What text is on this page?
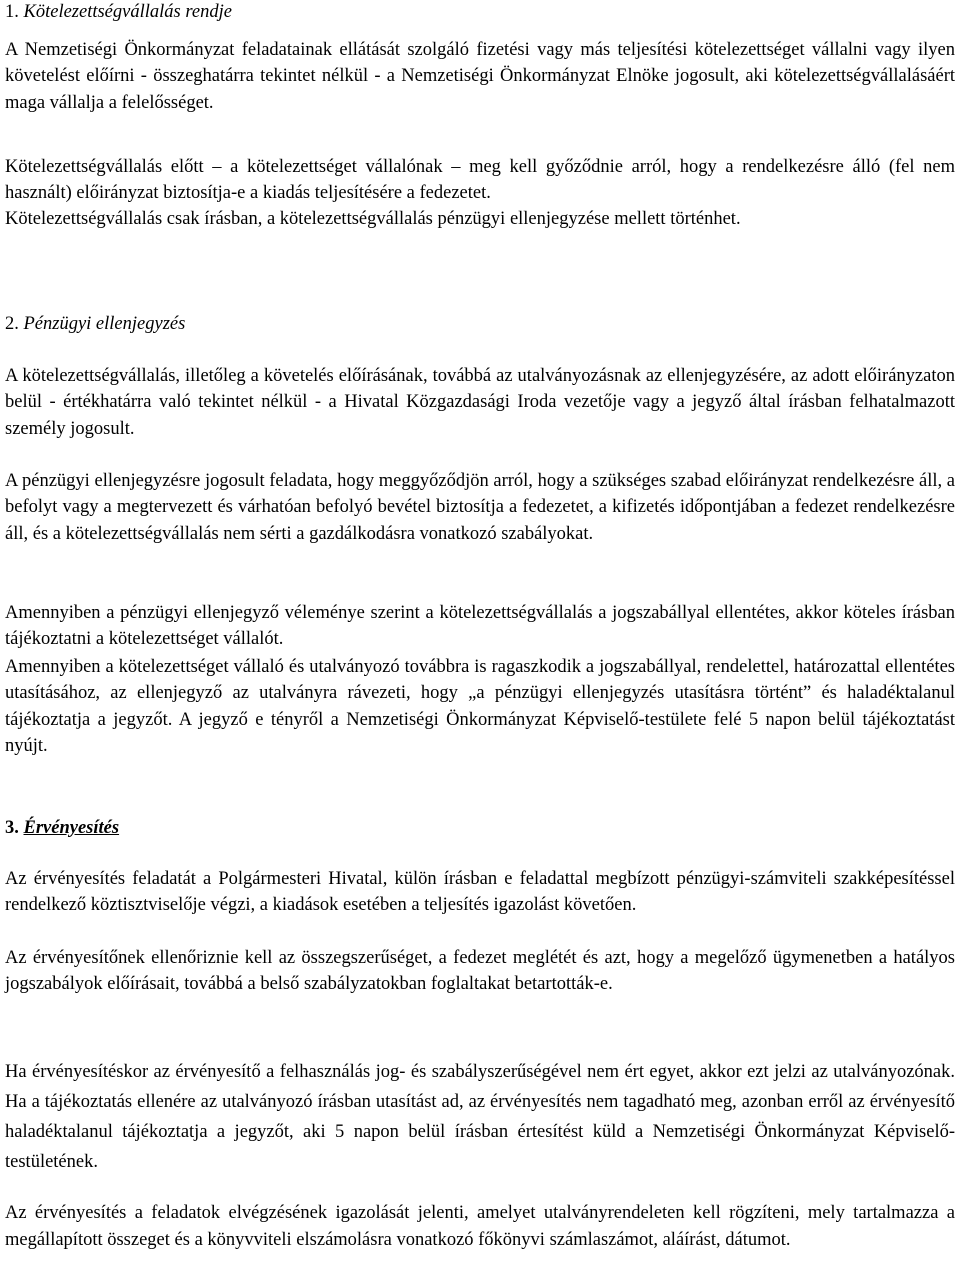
1. Kötelezettségvállalás rendje

A Nemzetiségi Önkormányzat feladatainak ellátását szolgáló fizetési vagy más teljesítési kötelezettséget vállalni vagy ilyen követelést előírni - összeghatárra tekintet nélkül - a Nemzetiségi Önkormányzat Elnöke jogosult, aki kötelezettségvállalásáért maga vállalja a felelősséget.

Kötelezettségvállalás előtt – a kötelezettséget vállalónak – meg kell győződnie arról, hogy a rendelkezésre álló (fel nem használt) előirányzat biztosítja-e a kiadás teljesítésére a fedezetet.

Kötelezettségvállalás csak írásban, a kötelezettségvállalás pénzügyi ellenjegyzése mellett történhet.

2. Pénzügyi ellenjegyzés

A kötelezettségvállalás, illetőleg a követelés előírásának, továbbá az utalványozásnak az ellenjegyzésére, az adott előirányzaton belül - értékhatárra való tekintet nélkül - a Hivatal Közgazdasági Iroda vezetője vagy a jegyző által írásban felhatalmazott személy jogosult.

A pénzügyi ellenjegyzésre jogosult feladata, hogy meggyőződjön arról, hogy a szükséges szabad előirányzat rendelkezésre áll, a befolyt vagy a megtervezett és várhatóan befolyó bevétel biztosítja a fedezetet, a kifizetés időpontjában a fedezet rendelkezésre áll, és a kötelezettségvállalás nem sérti a gazdálkodásra vonatkozó szabályokat.

Amennyiben a pénzügyi ellenjegyző véleménye szerint a kötelezettségvállalás a jogszabállyal ellentétes, akkor köteles írásban tájékoztatni a kötelezettséget vállalót.

Amennyiben a kötelezettséget vállaló és utalványozó továbbra is ragaszkodik a jogszabállyal, rendelettel, határozattal ellentétes utasításához, az ellenjegyző az utalványra rávezeti, hogy „a pénzügyi ellenjegyzés utasításra történt” és haladéktalanul tájékoztatja a jegyzőt. A jegyző e tényről a Nemzetiségi Önkormányzat Képviselő-testülete felé 5 napon belül tájékoztatást nyújt.

3. Érvényesítés

Az érvényesítés feladatát a Polgármesteri Hivatal, külön írásban e feladattal megbízott pénzügyi-számviteli szakképesítéssel rendelkező köztisztviselője végzi, a kiadások esetében a teljesítés igazolást követően.

Az érvényesítőnek ellenőriznie kell az összegszerűséget, a fedezet meglétét és azt, hogy a megelőző ügymenetben a hatályos jogszabályok előírásait, továbbá a belső szabályzatokban foglaltakat betartották-e.

Ha érvényesítéskor az érvényesítő a felhasználás jog- és szabályszerűségével nem ért egyet, akkor ezt jelzi az utalványozónak. Ha a tájékoztatás ellenére az utalványozó írásban utasítást ad, az érvényesítés nem tagadható meg, azonban erről az érvényesítő haladéktalanul tájékoztatja a jegyzőt, aki 5 napon belül írásban értesítést küld a Nemzetiségi Önkormányzat Képviselő-testületének.

Az érvényesítés a feladatok elvégzésének igazolását jelenti, amelyet utalványrendeleten kell rögzíteni, mely tartalmazza a megállapított összeget és a könyvviteli elszámolásra vonatkozó főkönyvi számlaszámot, aláírást, dátumot.
